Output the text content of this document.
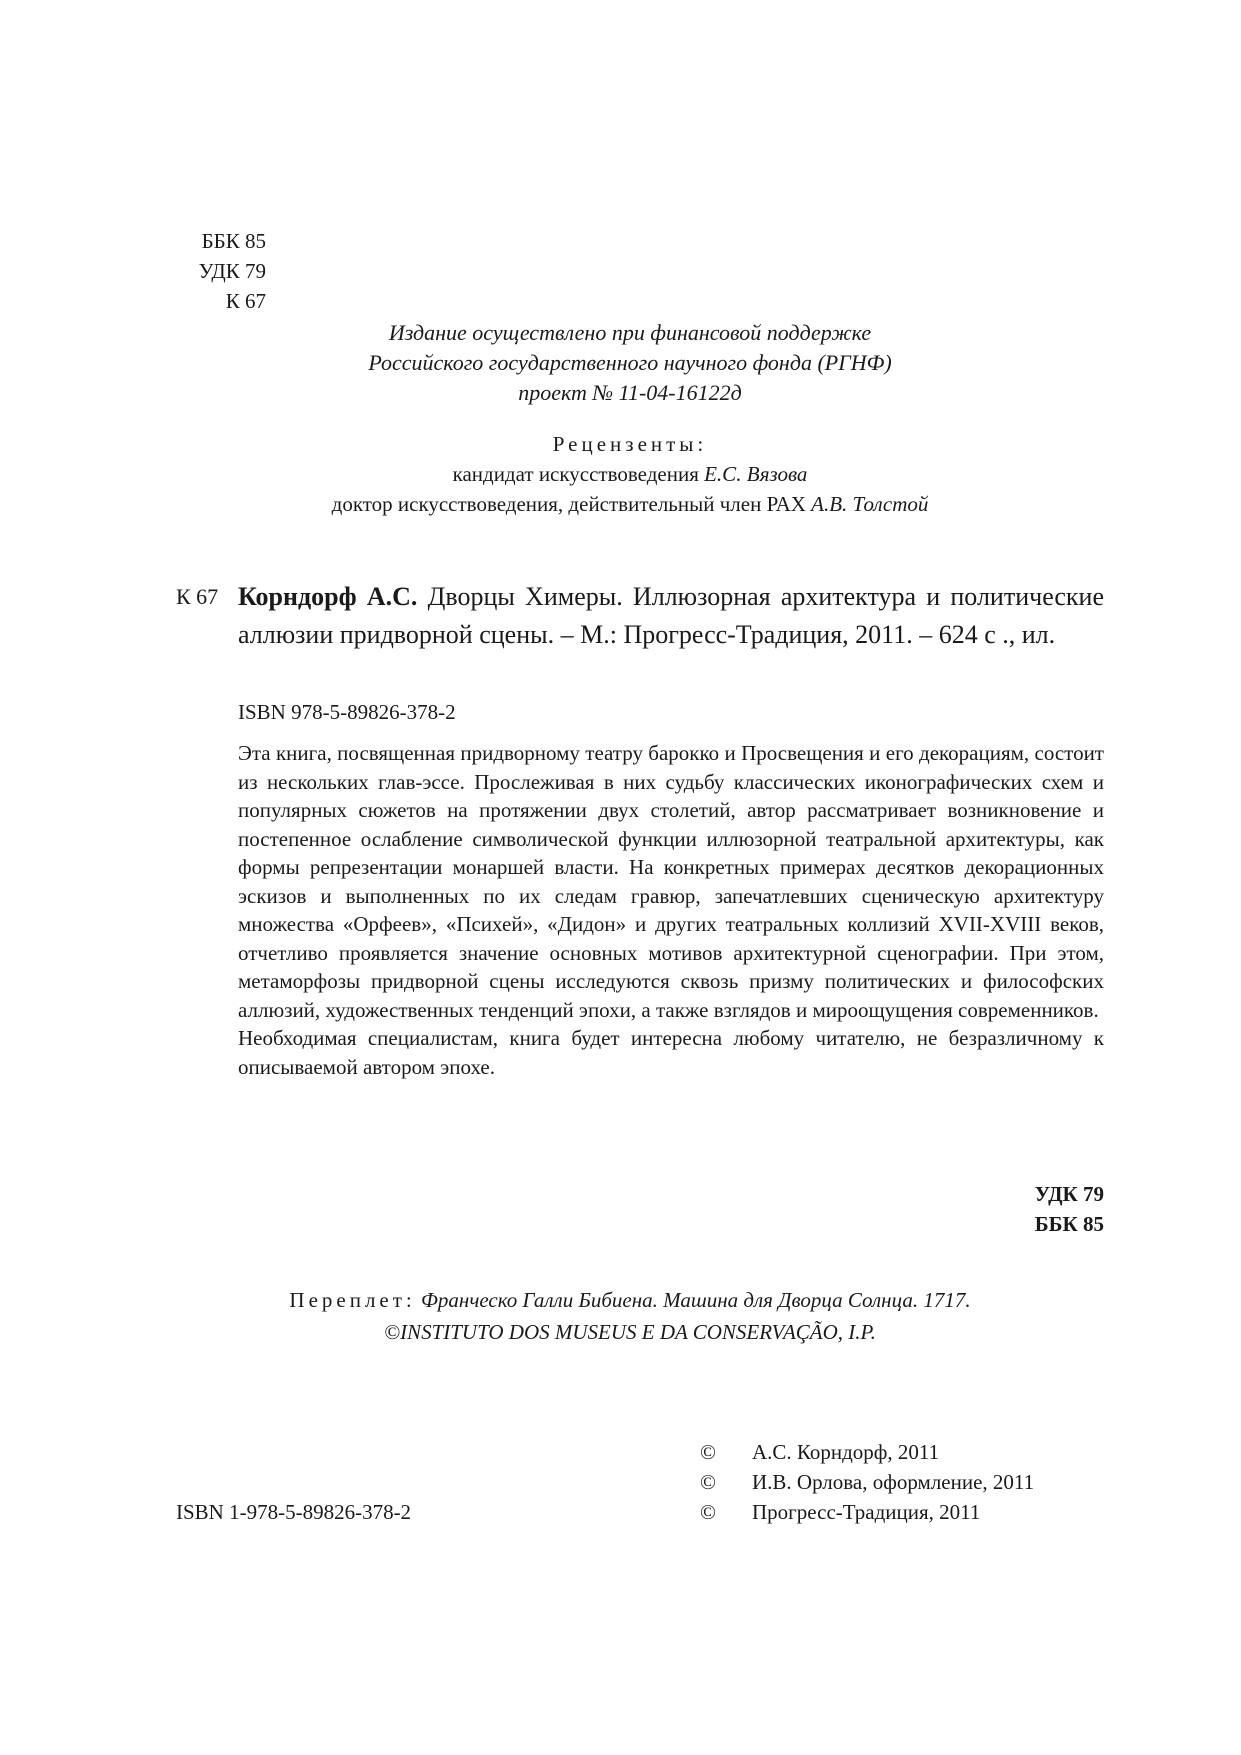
ББК 85
УДК 79
К 67
Издание осуществлено при финансовой поддержке
Российского государственного научного фонда (РГНФ)
проект № 11-04-16122д
Рецензенты:
кандидат искусствоведения Е.С. Вязова
доктор искусствоведения, действительный член РАХ А.В. Толстой
К 67 Корндорф А.С. Дворцы Химеры. Иллюзорная архитектура и политические аллюзии придворной сцены. – М.: Прогресс-Традиция, 2011. – 624 с ., ил.
ISBN 978-5-89826-378-2

Эта книга, посвященная придворному театру барокко и Просвещения и его декорациям, состоит из нескольких глав-эссе. Прослеживая в них судьбу классических иконографических схем и популярных сюжетов на протяжении двух столетий, автор рассматривает возникновение и постепенное ослабление символической функции иллюзорной театральной архитектуры, как формы репрезентации монаршей власти. На конкретных примерах десятков декорационных эскизов и выполненных по их следам гравюр, запечатлевших сценическую архитектуру множества «Орфеев», «Психей», «Дидон» и других театральных коллизий XVII-XVIII веков, отчетливо проявляется значение основных мотивов архитектурной сценографии. При этом, метаморфозы придворной сцены исследуются сквозь призму политических и философских аллюзий, художественных тенденций эпохи, а также взглядов и мироощущения современников.

Необходимая специалистам, книга будет интересна любому читателю, не безразличному к описываемой автором эпохе.

УДК 79
ББК 85
Переплет: Франческо Галли Бибиена. Машина для Дворца Солнца. 1717.
©INSTITUTO DOS MUSEUS E DA CONSERVAÇÃO, I.P.
©	А.С. Корндорф, 2011
©	И.В. Орлова, оформление, 2011
©	Прогресс-Традиция, 2011
ISBN 1-978-5-89826-378-2
